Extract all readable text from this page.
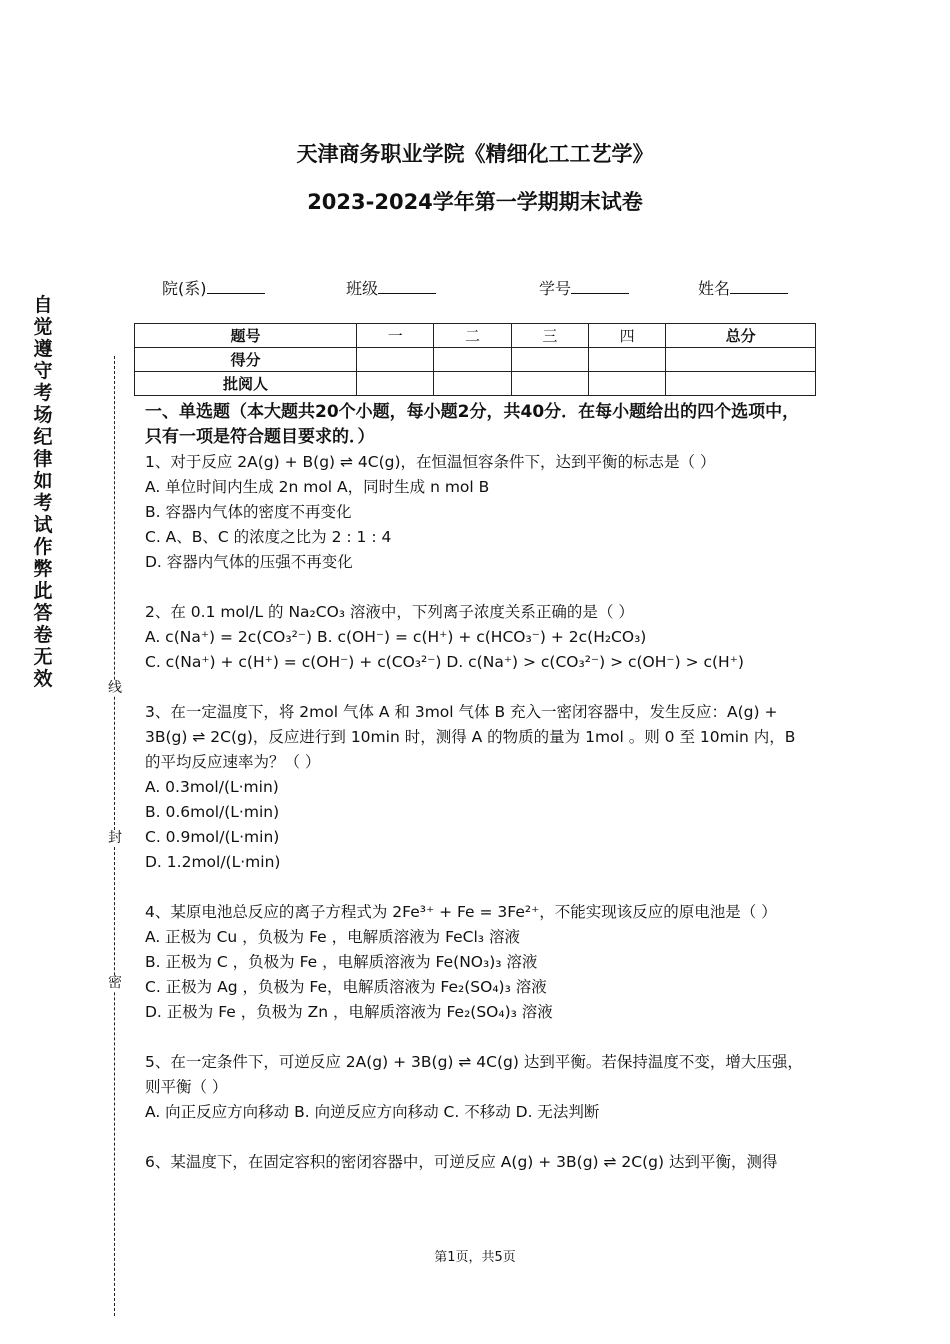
天津商务职业学院《精细化工工艺学》
2023-2024学年第一学期期末试卷
自
觉
遵
守
考
场
纪
律
如
考
试
作
弊
此
答
卷
无
效	线
封
密
院(系)	班级	学号	姓名
题号	一	二	三	四	总分
得分					
批阅人					
一、单选题（本大题共20个小题，每小题2分，共40分．在每小题给出的四个选项中，只有一项是符合题目要求的．）

1、对于反应 2A(g) + B(g) ⇌ 4C(g)，在恒温恒容条件下，达到平衡的标志是（ ）

A. 单位时间内生成 2n mol A，同时生成 n mol B

B. 容器内气体的密度不再变化

C. A、B、C 的浓度之比为 2 : 1 : 4

D. 容器内气体的压强不再变化

2、在 0.1 mol/L 的 Na₂CO₃ 溶液中，下列离子浓度关系正确的是（ ）

A. c(Na⁺) = 2c(CO₃²⁻) B. c(OH⁻) = c(H⁺) + c(HCO₃⁻) + 2c(H₂CO₃)

C. c(Na⁺) + c(H⁺) = c(OH⁻) + c(CO₃²⁻) D. c(Na⁺) > c(CO₃²⁻) > c(OH⁻) > c(H⁺)

3、在一定温度下，将 2mol 气体 A 和 3mol 气体 B 充入一密闭容器中，发生反应：A(g) + 3B(g) ⇌ 2C(g)，反应进行到 10min 时，测得 A 的物质的量为 1mol 。则 0 至 10min 内，B 的平均反应速率为？（ ）

A. 0.3mol/(L·min)

B. 0.6mol/(L·min)

C. 0.9mol/(L·min)

D. 1.2mol/(L·min)

4、某原电池总反应的离子方程式为 2Fe³⁺ + Fe = 3Fe²⁺，不能实现该反应的原电池是（ ）

A. 正极为 Cu ，负极为 Fe ，电解质溶液为 FeCl₃ 溶液

B. 正极为 C ，负极为 Fe ，电解质溶液为 Fe(NO₃)₃ 溶液

C. 正极为 Ag ，负极为 Fe，电解质溶液为 Fe₂(SO₄)₃ 溶液

D. 正极为 Fe ，负极为 Zn ，电解质溶液为 Fe₂(SO₄)₃ 溶液

5、在一定条件下，可逆反应 2A(g) + 3B(g) ⇌ 4C(g) 达到平衡。若保持温度不变，增大压强，则平衡（ ）

A. 向正反应方向移动 B. 向逆反应方向移动 C. 不移动 D. 无法判断

6、某温度下，在固定容积的密闭容器中，可逆反应 A(g) + 3B(g) ⇌ 2C(g) 达到平衡，测得

第1页，共5页
